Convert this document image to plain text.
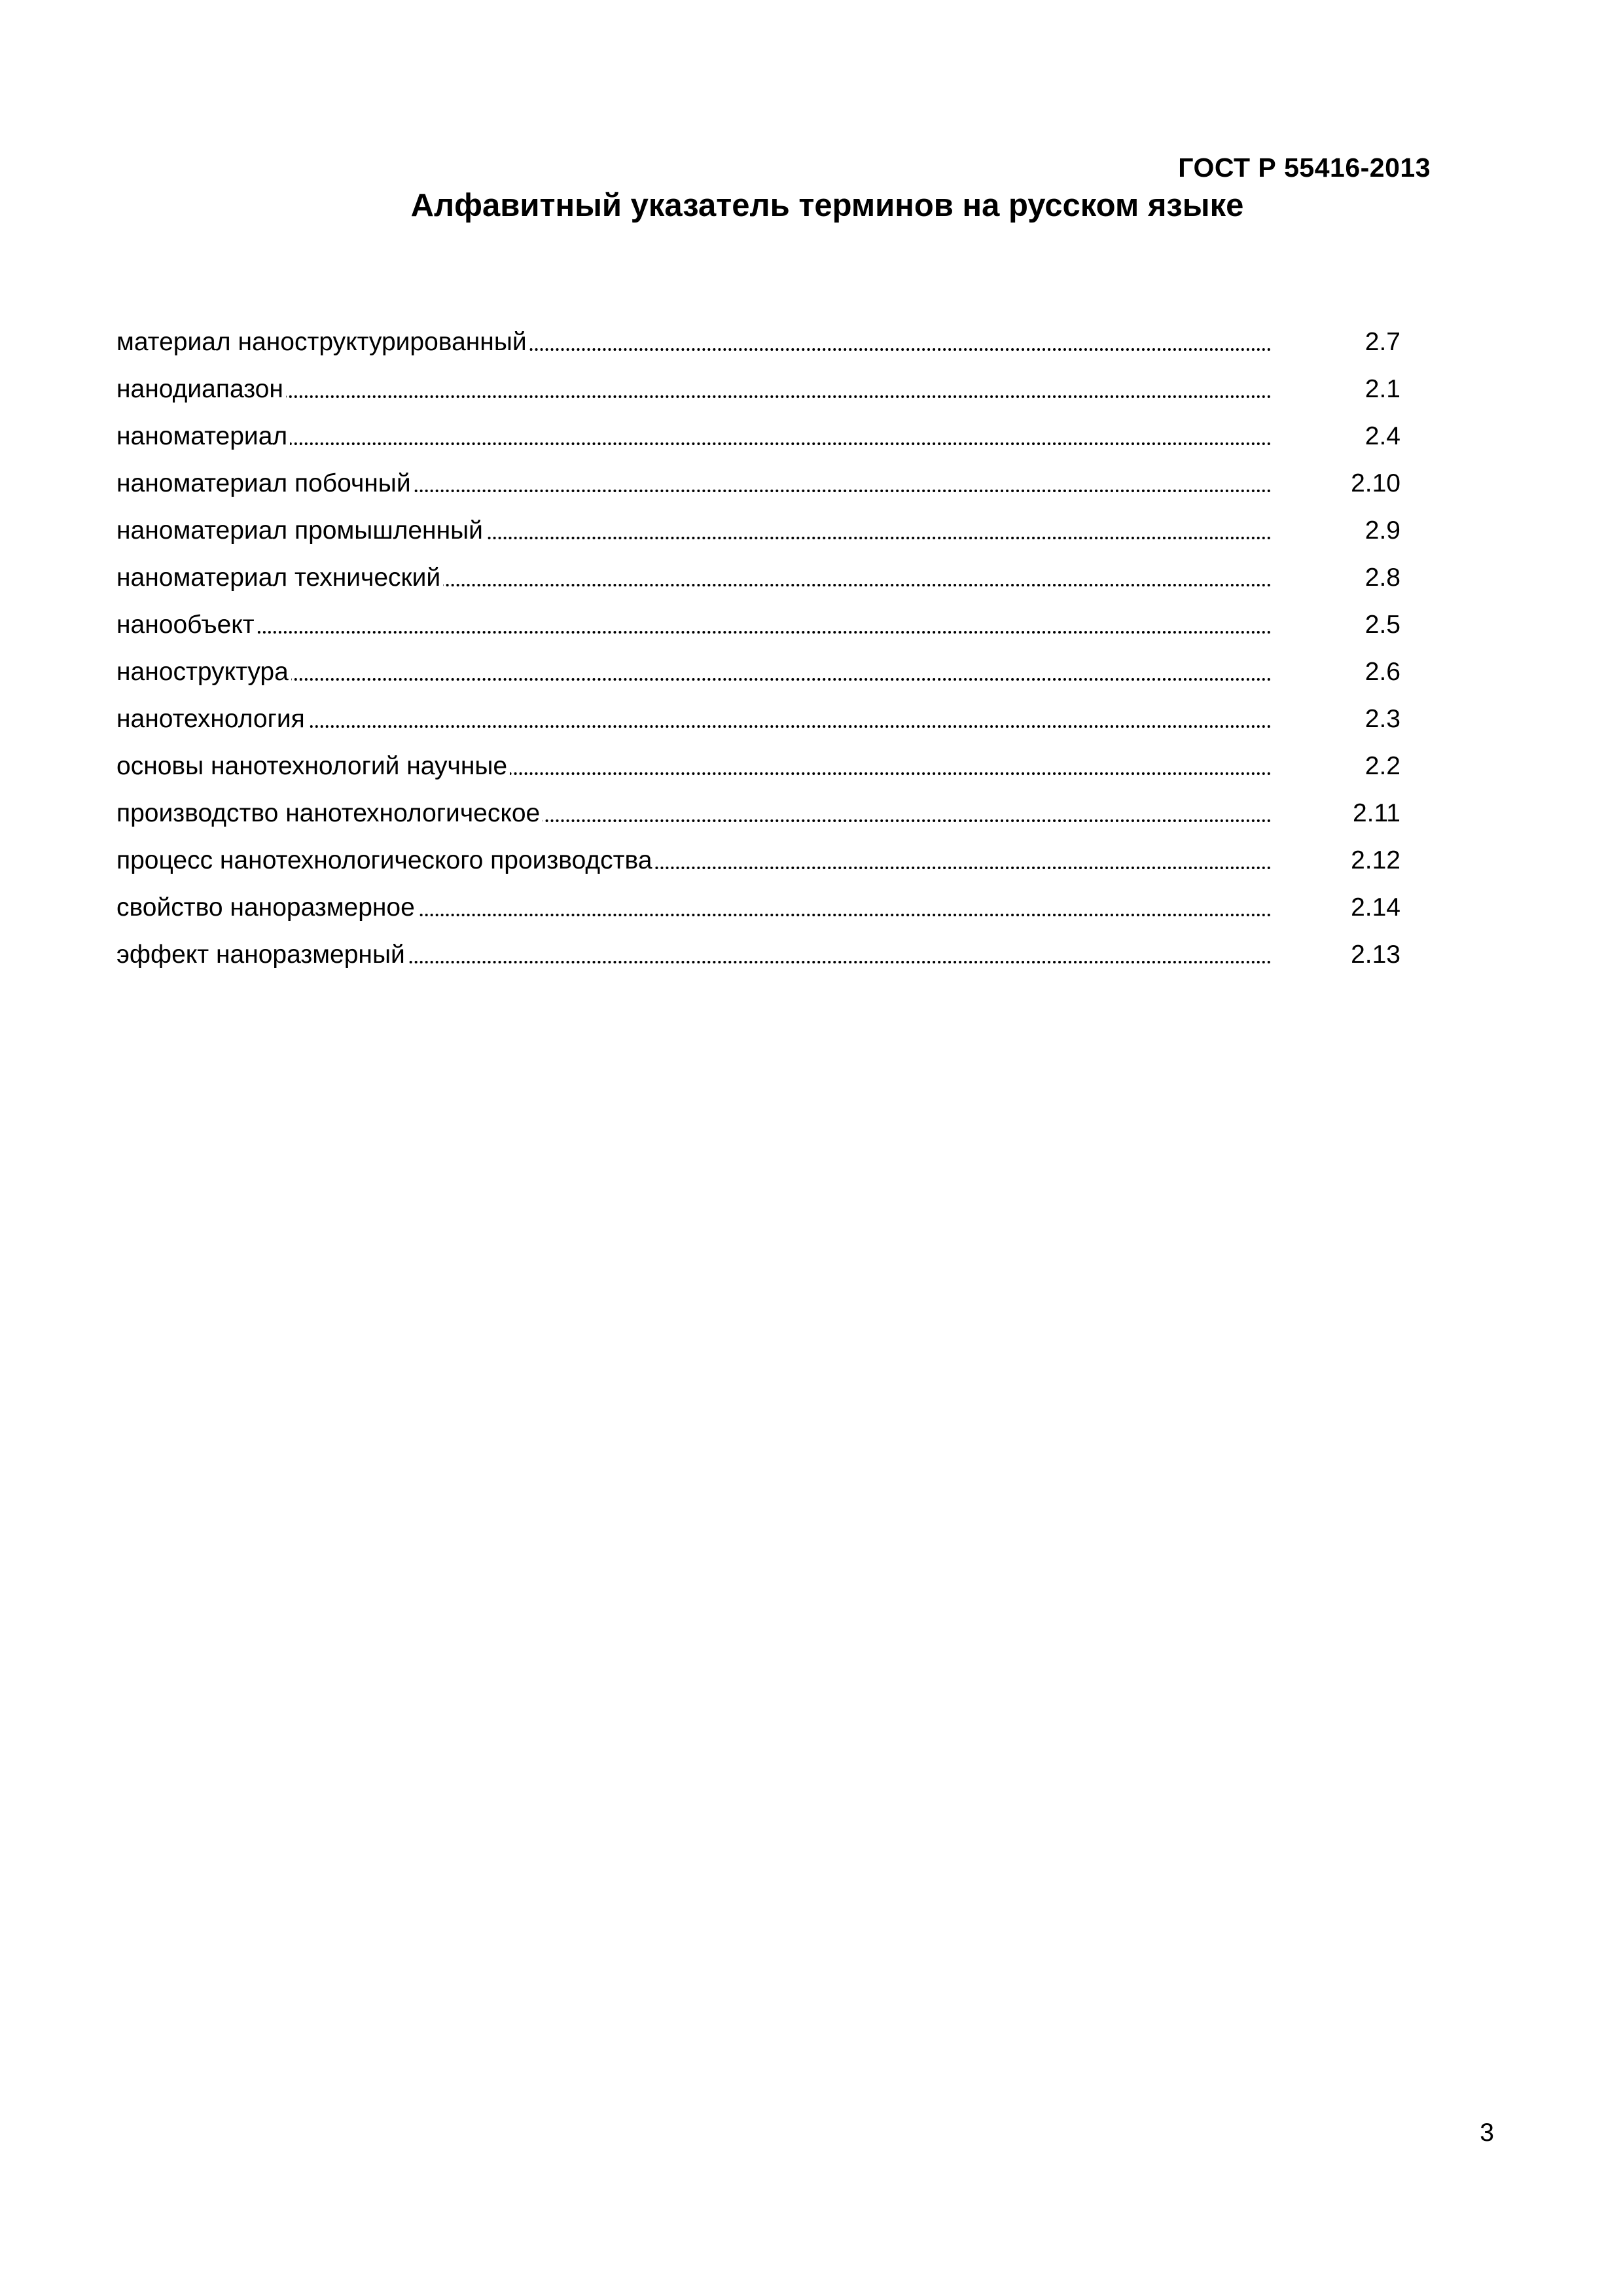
ГОСТ Р 55416-2013

Алфавитный указатель терминов на русском языке
материал наноструктурированный	2.7
нанодиапазон	2.1
наноматериал	2.4
наноматериал побочный	2.10
наноматериал промышленный	2.9
наноматериал технический	2.8
нанообъект	2.5
наноструктура	2.6
нанотехнология	2.3
основы нанотехнологий научные	2.2
производство нанотехнологическое	2.11
процесс нанотехнологического производства	2.12
свойство наноразмерное	2.14
эффект наноразмерный	2.13

3
